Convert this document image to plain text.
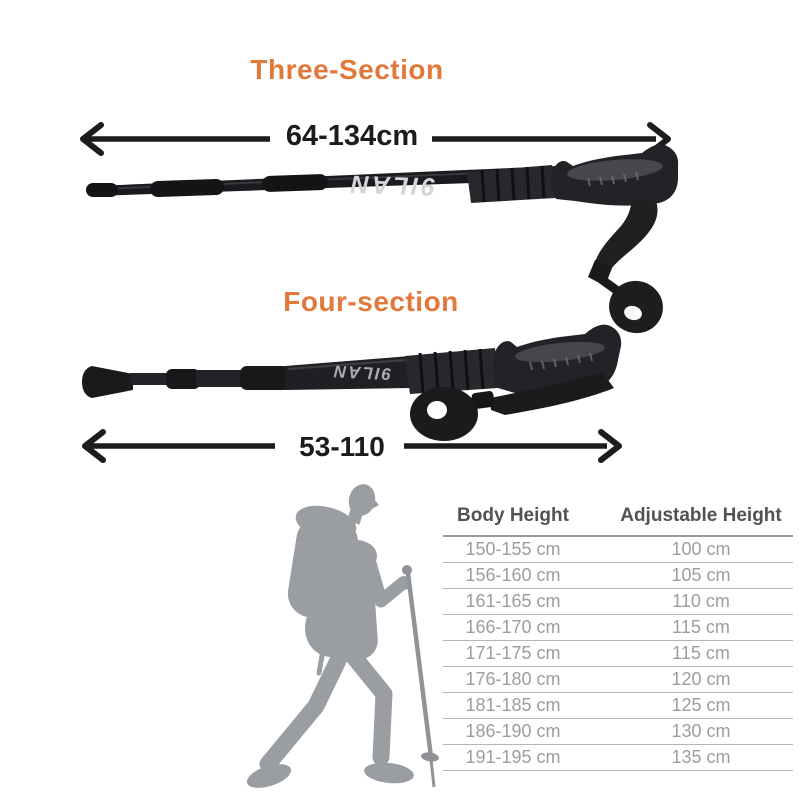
9ILAN
9ILAN
Three-Section
64-134cm
Four-section
53-110
Body Height	Adjustable Height
150-155 cm	100 cm
156-160 cm	105 cm
161-165 cm	110 cm
166-170 cm	115 cm
171-175 cm	115 cm
176-180 cm	120 cm
181-185 cm	125 cm
186-190 cm	130 cm
191-195 cm	135 cm
